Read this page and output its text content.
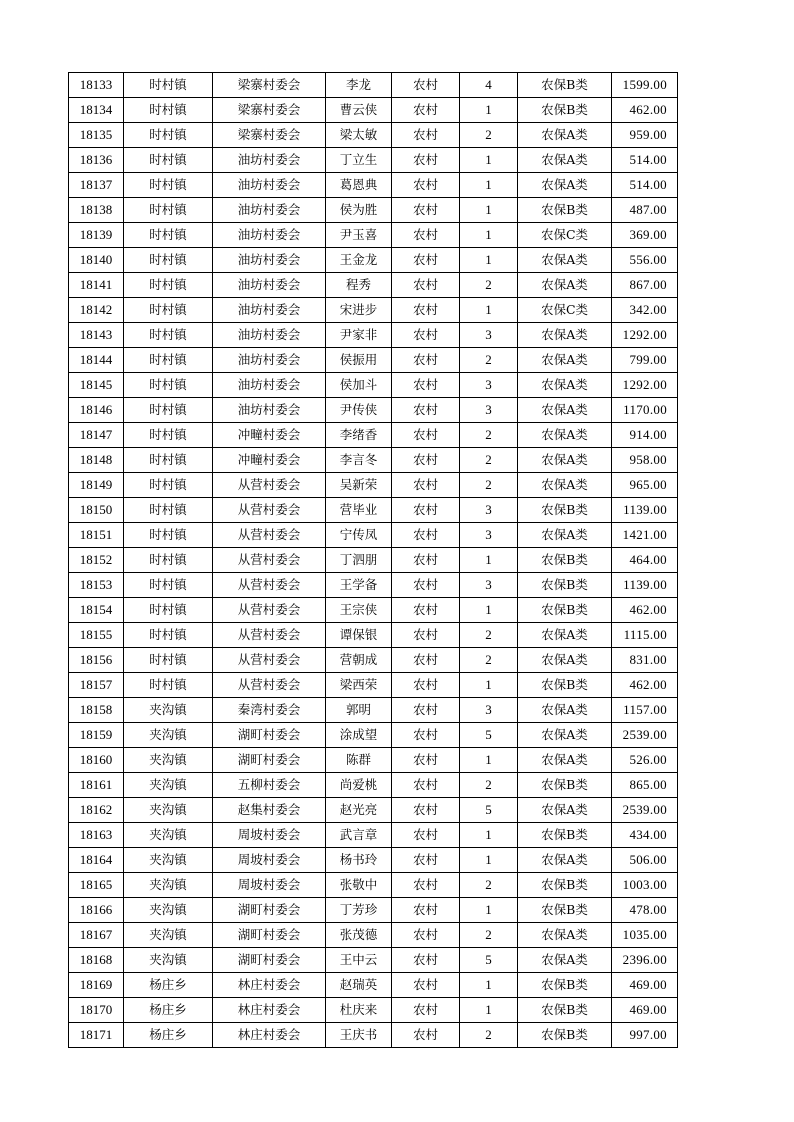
18133	时村镇	梁寨村委会	李龙	农村	4	农保B类	1599.00
18134	时村镇	梁寨村委会	曹云侠	农村	1	农保B类	462.00
18135	时村镇	梁寨村委会	梁太敏	农村	2	农保A类	959.00
18136	时村镇	油坊村委会	丁立生	农村	1	农保A类	514.00
18137	时村镇	油坊村委会	葛恩典	农村	1	农保A类	514.00
18138	时村镇	油坊村委会	侯为胜	农村	1	农保B类	487.00
18139	时村镇	油坊村委会	尹玉喜	农村	1	农保C类	369.00
18140	时村镇	油坊村委会	王金龙	农村	1	农保A类	556.00
18141	时村镇	油坊村委会	程秀	农村	2	农保A类	867.00
18142	时村镇	油坊村委会	宋进步	农村	1	农保C类	342.00
18143	时村镇	油坊村委会	尹家非	农村	3	农保A类	1292.00
18144	时村镇	油坊村委会	侯振用	农村	2	农保A类	799.00
18145	时村镇	油坊村委会	侯加斗	农村	3	农保A类	1292.00
18146	时村镇	油坊村委会	尹传侠	农村	3	农保A类	1170.00
18147	时村镇	冲疃村委会	李绪香	农村	2	农保A类	914.00
18148	时村镇	冲疃村委会	李言冬	农村	2	农保A类	958.00
18149	时村镇	从营村委会	吴新荣	农村	2	农保A类	965.00
18150	时村镇	从营村委会	营毕业	农村	3	农保B类	1139.00
18151	时村镇	从营村委会	宁传凤	农村	3	农保A类	1421.00
18152	时村镇	从营村委会	丁泗朋	农村	1	农保B类	464.00
18153	时村镇	从营村委会	王学备	农村	3	农保B类	1139.00
18154	时村镇	从营村委会	王宗侠	农村	1	农保B类	462.00
18155	时村镇	从营村委会	谭保银	农村	2	农保A类	1115.00
18156	时村镇	从营村委会	营朝成	农村	2	农保A类	831.00
18157	时村镇	从营村委会	梁西荣	农村	1	农保B类	462.00
18158	夹沟镇	秦湾村委会	郭明	农村	3	农保A类	1157.00
18159	夹沟镇	湖町村委会	涂成望	农村	5	农保A类	2539.00
18160	夹沟镇	湖町村委会	陈群	农村	1	农保A类	526.00
18161	夹沟镇	五柳村委会	尚爱桃	农村	2	农保B类	865.00
18162	夹沟镇	赵集村委会	赵光亮	农村	5	农保A类	2539.00
18163	夹沟镇	周坡村委会	武言章	农村	1	农保B类	434.00
18164	夹沟镇	周坡村委会	杨书玲	农村	1	农保A类	506.00
18165	夹沟镇	周坡村委会	张敬中	农村	2	农保B类	1003.00
18166	夹沟镇	湖町村委会	丁芳珍	农村	1	农保B类	478.00
18167	夹沟镇	湖町村委会	张茂德	农村	2	农保A类	1035.00
18168	夹沟镇	湖町村委会	王中云	农村	5	农保A类	2396.00
18169	杨庄乡	林庄村委会	赵瑞英	农村	1	农保B类	469.00
18170	杨庄乡	林庄村委会	杜庆来	农村	1	农保B类	469.00
18171	杨庄乡	林庄村委会	王庆书	农村	2	农保B类	997.00
